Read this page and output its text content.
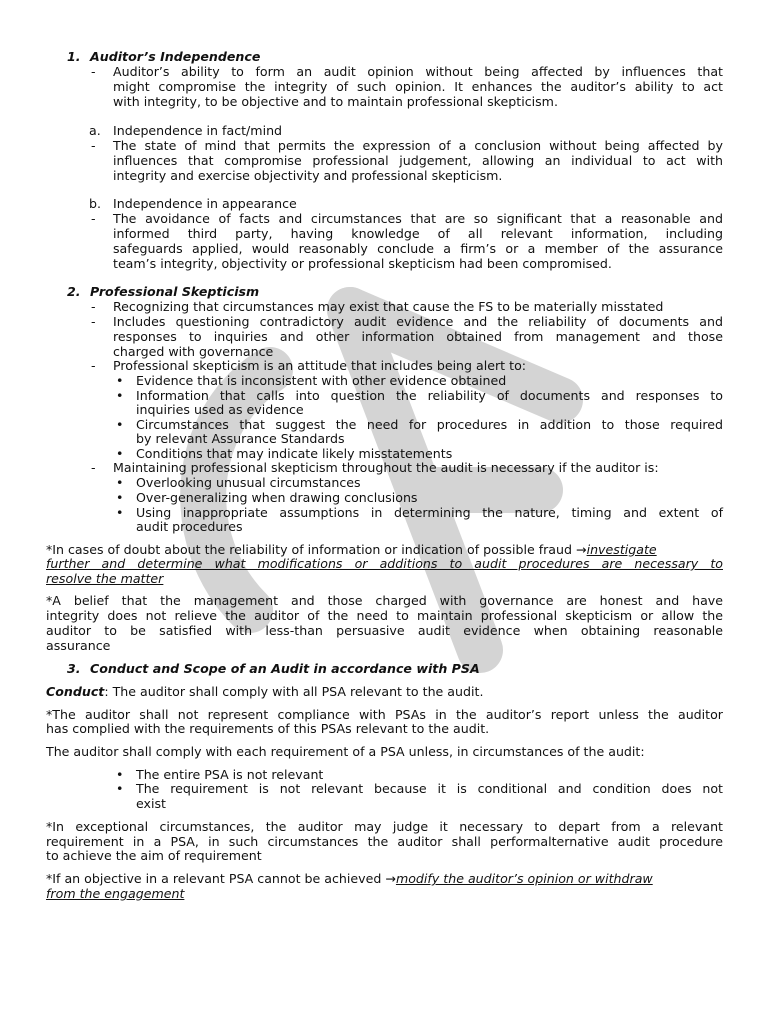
1. Auditor’s Independence
- Auditor’s ability to form an audit opinion without being affected by influences that
might compromise the integrity of such opinion. It enhances the auditor’s ability to act
with integrity, to be objective and to maintain professional skepticism.
a. Independence in fact/mind
- The state of mind that permits the expression of a conclusion without being affected by
influences that compromise professional judgement, allowing an individual to act with
integrity and exercise objectivity and professional skepticism.
b. Independence in appearance
- The avoidance of facts and circumstances that are so significant that a reasonable and
informed third party, having knowledge of all relevant information, including
safeguards applied, would reasonably conclude a firm’s or a member of the assurance
team’s integrity, objectivity or professional skepticism had been compromised.
2. Professional Skepticism
- Recognizing that circumstances may exist that cause the FS to be materially misstated
- Includes questioning contradictory audit evidence and the reliability of documents and
responses to inquiries and other information obtained from management and those
charged with governance
- Professional skepticism is an attitude that includes being alert to:
• Evidence that is inconsistent with other evidence obtained
• Information that calls into question the reliability of documents and responses to
inquiries used as evidence
• Circumstances that suggest the need for procedures in addition to those required
by relevant Assurance Standards
• Conditions that may indicate likely misstatements
- Maintaining professional skepticism throughout the audit is necessary if the auditor is:
• Overlooking unusual circumstances
• Over-generalizing when drawing conclusions
• Using inappropriate assumptions in determining the nature, timing and extent of
audit procedures
*In cases of doubt about the reliability of information or indication of possible fraud →investigate
further and determine what modifications or additions to audit procedures are necessary to
resolve the matter
*A belief that the management and those charged with governance are honest and have
integrity does not relieve the auditor of the need to maintain professional skepticism or allow the
auditor to be satisfied with less-than persuasive audit evidence when obtaining reasonable
assurance
3. Conduct and Scope of an Audit in accordance with PSA
Conduct: The auditor shall comply with all PSA relevant to the audit.
*The auditor shall not represent compliance with PSAs in the auditor’s report unless the auditor
has complied with the requirements of this PSAs relevant to the audit.
The auditor shall comply with each requirement of a PSA unless, in circumstances of the audit:
• The entire PSA is not relevant
• The requirement is not relevant because it is conditional and condition does not
exist
*In exceptional circumstances, the auditor may judge it necessary to depart from a relevant
requirement in a PSA, in such circumstances the auditor shall performalternative audit procedure
to achieve the aim of requirement
*If an objective in a relevant PSA cannot be achieved →modify the auditor’s opinion or withdraw
from the engagement
